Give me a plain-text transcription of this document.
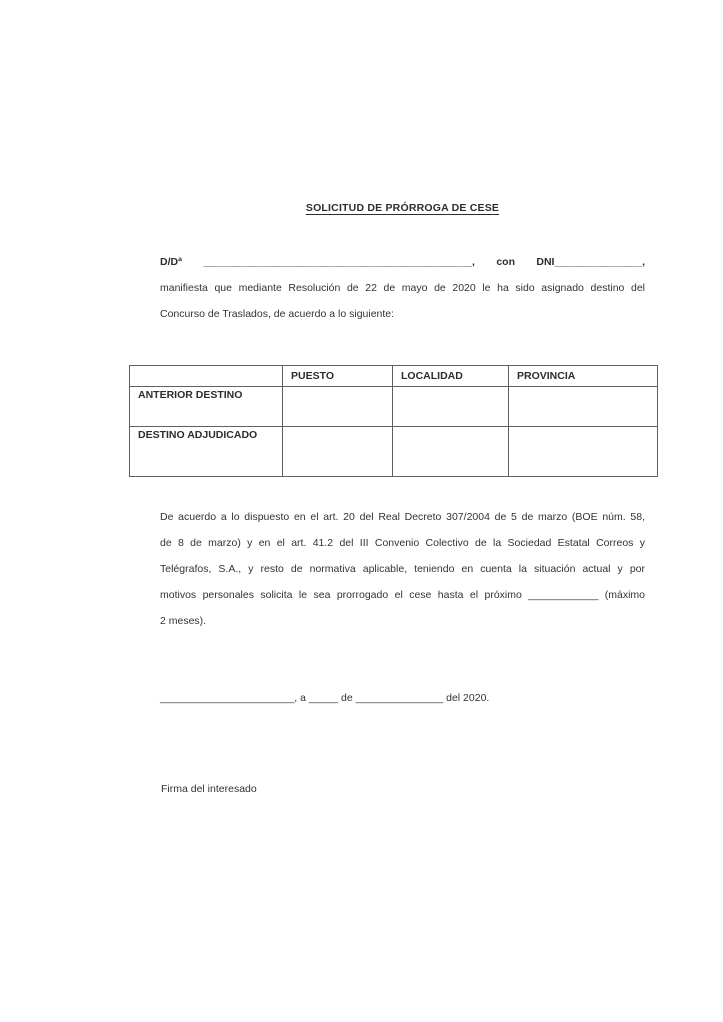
SOLICITUD DE PRÓRROGA DE CESE
D/Dª ______________________________________________, con DNI_______________,
manifiesta que mediante Resolución de 22 de mayo de 2020 le ha sido asignado destino del
Concurso de Traslados, de acuerdo a lo siguiente:
	PUESTO	LOCALIDAD	PROVINCIA
ANTERIOR DESTINO			
DESTINO ADJUDICADO			
De acuerdo a lo dispuesto en el art. 20 del Real Decreto 307/2004 de 5 de marzo (BOE núm. 58,
de 8 de marzo) y en el art. 41.2 del III Convenio Colectivo de la Sociedad Estatal Correos y
Telégrafos, S.A., y resto de normativa aplicable, teniendo en cuenta la situación actual y por
motivos personales solicita le sea prorrogado el cese hasta el próximo ____________ (máximo
2 meses).
_______________________, a _____ de _______________ del 2020.
Firma del interesado
